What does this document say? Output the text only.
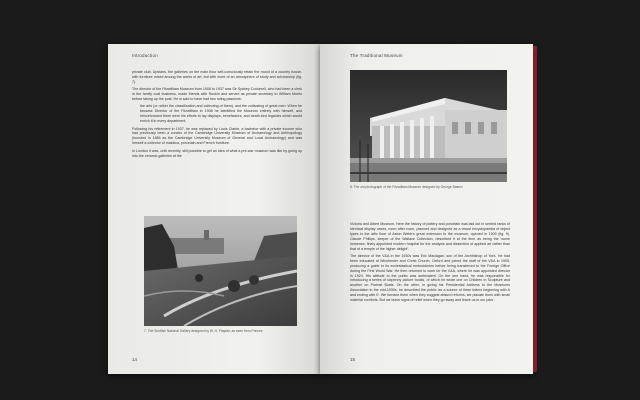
Introduction

private club. Upstairs, the galleries on the main floor self-consciously retain the mood of a country house, with furniture mixed among the works of art, but with more of an atmosphere of study and scholarship (fig. 7).

The director of the Fitzwilliam Museum from 1908 to 1937 was Sir Sydney Cockerell, who had been a clerk in the family coal business, made friends with Ruskin and served as private secretary to William Morris before taking up the post. He is said to have had two ruling passions:

the arts (or rather the classification and collecting of them), and the cultivating of great men. When he became Director of the Fitzwilliam in 1908 he identified the Museum entirely with himself, and henceforward there were his efforts to lay displays, benefactors, and death-bed legacies which would enrich it in every department.

Following his retirement in 1937, he was replaced by Louis Clarke, a bachelor with a private income who had previously been a curator of the Cambridge University Museum of Archaeology and Anthropology (founded in 1884 as the Cambridge University Museum of General and Local Archaeology) and was himself a collector of maiolica, porcelain and French furniture.

In London it was, until recently, still possible to get an idea of what a pre-war museum was like by going up into the ceramic galleries at the

7. The Scottish National Gallery designed by W. H. Playfair, as seen from Princes
14
The Traditional Museum
8. The old photograph of the Fitzwilliam Museum designed by George Basevi

Victoria and Albert Museum. Here the history of pottery and porcelain was laid out in serried ranks of identical display cases, room after room, planned and designed as a visual encyclopaedia of object types in the attic floor of Aston Webb's great extension to the museum, opened in 1909 (fig. 9). Claude Phillips, keeper of the Wallace Collection, described it at the time as being the 'some immense, finely appointed modern hospital for the analysis and dissection of applied art rather than that of a temple of the higher delight'.

The director of the V&A in the 1930s was Eric Maclagan, son of the Archbishop of York. He had been educated at Winchester and Christ Church, Oxford and joined the staff of the V&A in 1905, producing a guide to its ecclesiastical embroideries before being transferred to the Foreign Office during the First World War. He then returned to work for the V&A, where he was appointed director in 1924. His attitude to the public was ambivalent. On the one hand, he was responsible for introducing a series of sixpenny picture books, of which he wrote one on Children in Sculpture and another on Portrait Busts. On the other, in giving his Presidential Address to the Museums Association in the mid-1930s, he described the public 'as a source of three letters beginning with A and ending with E. We furnace them when they suggest absurd reforms, we placate them with small material comforts. But we leave signs of relief when they go away and leave us in our jobs'.

15
